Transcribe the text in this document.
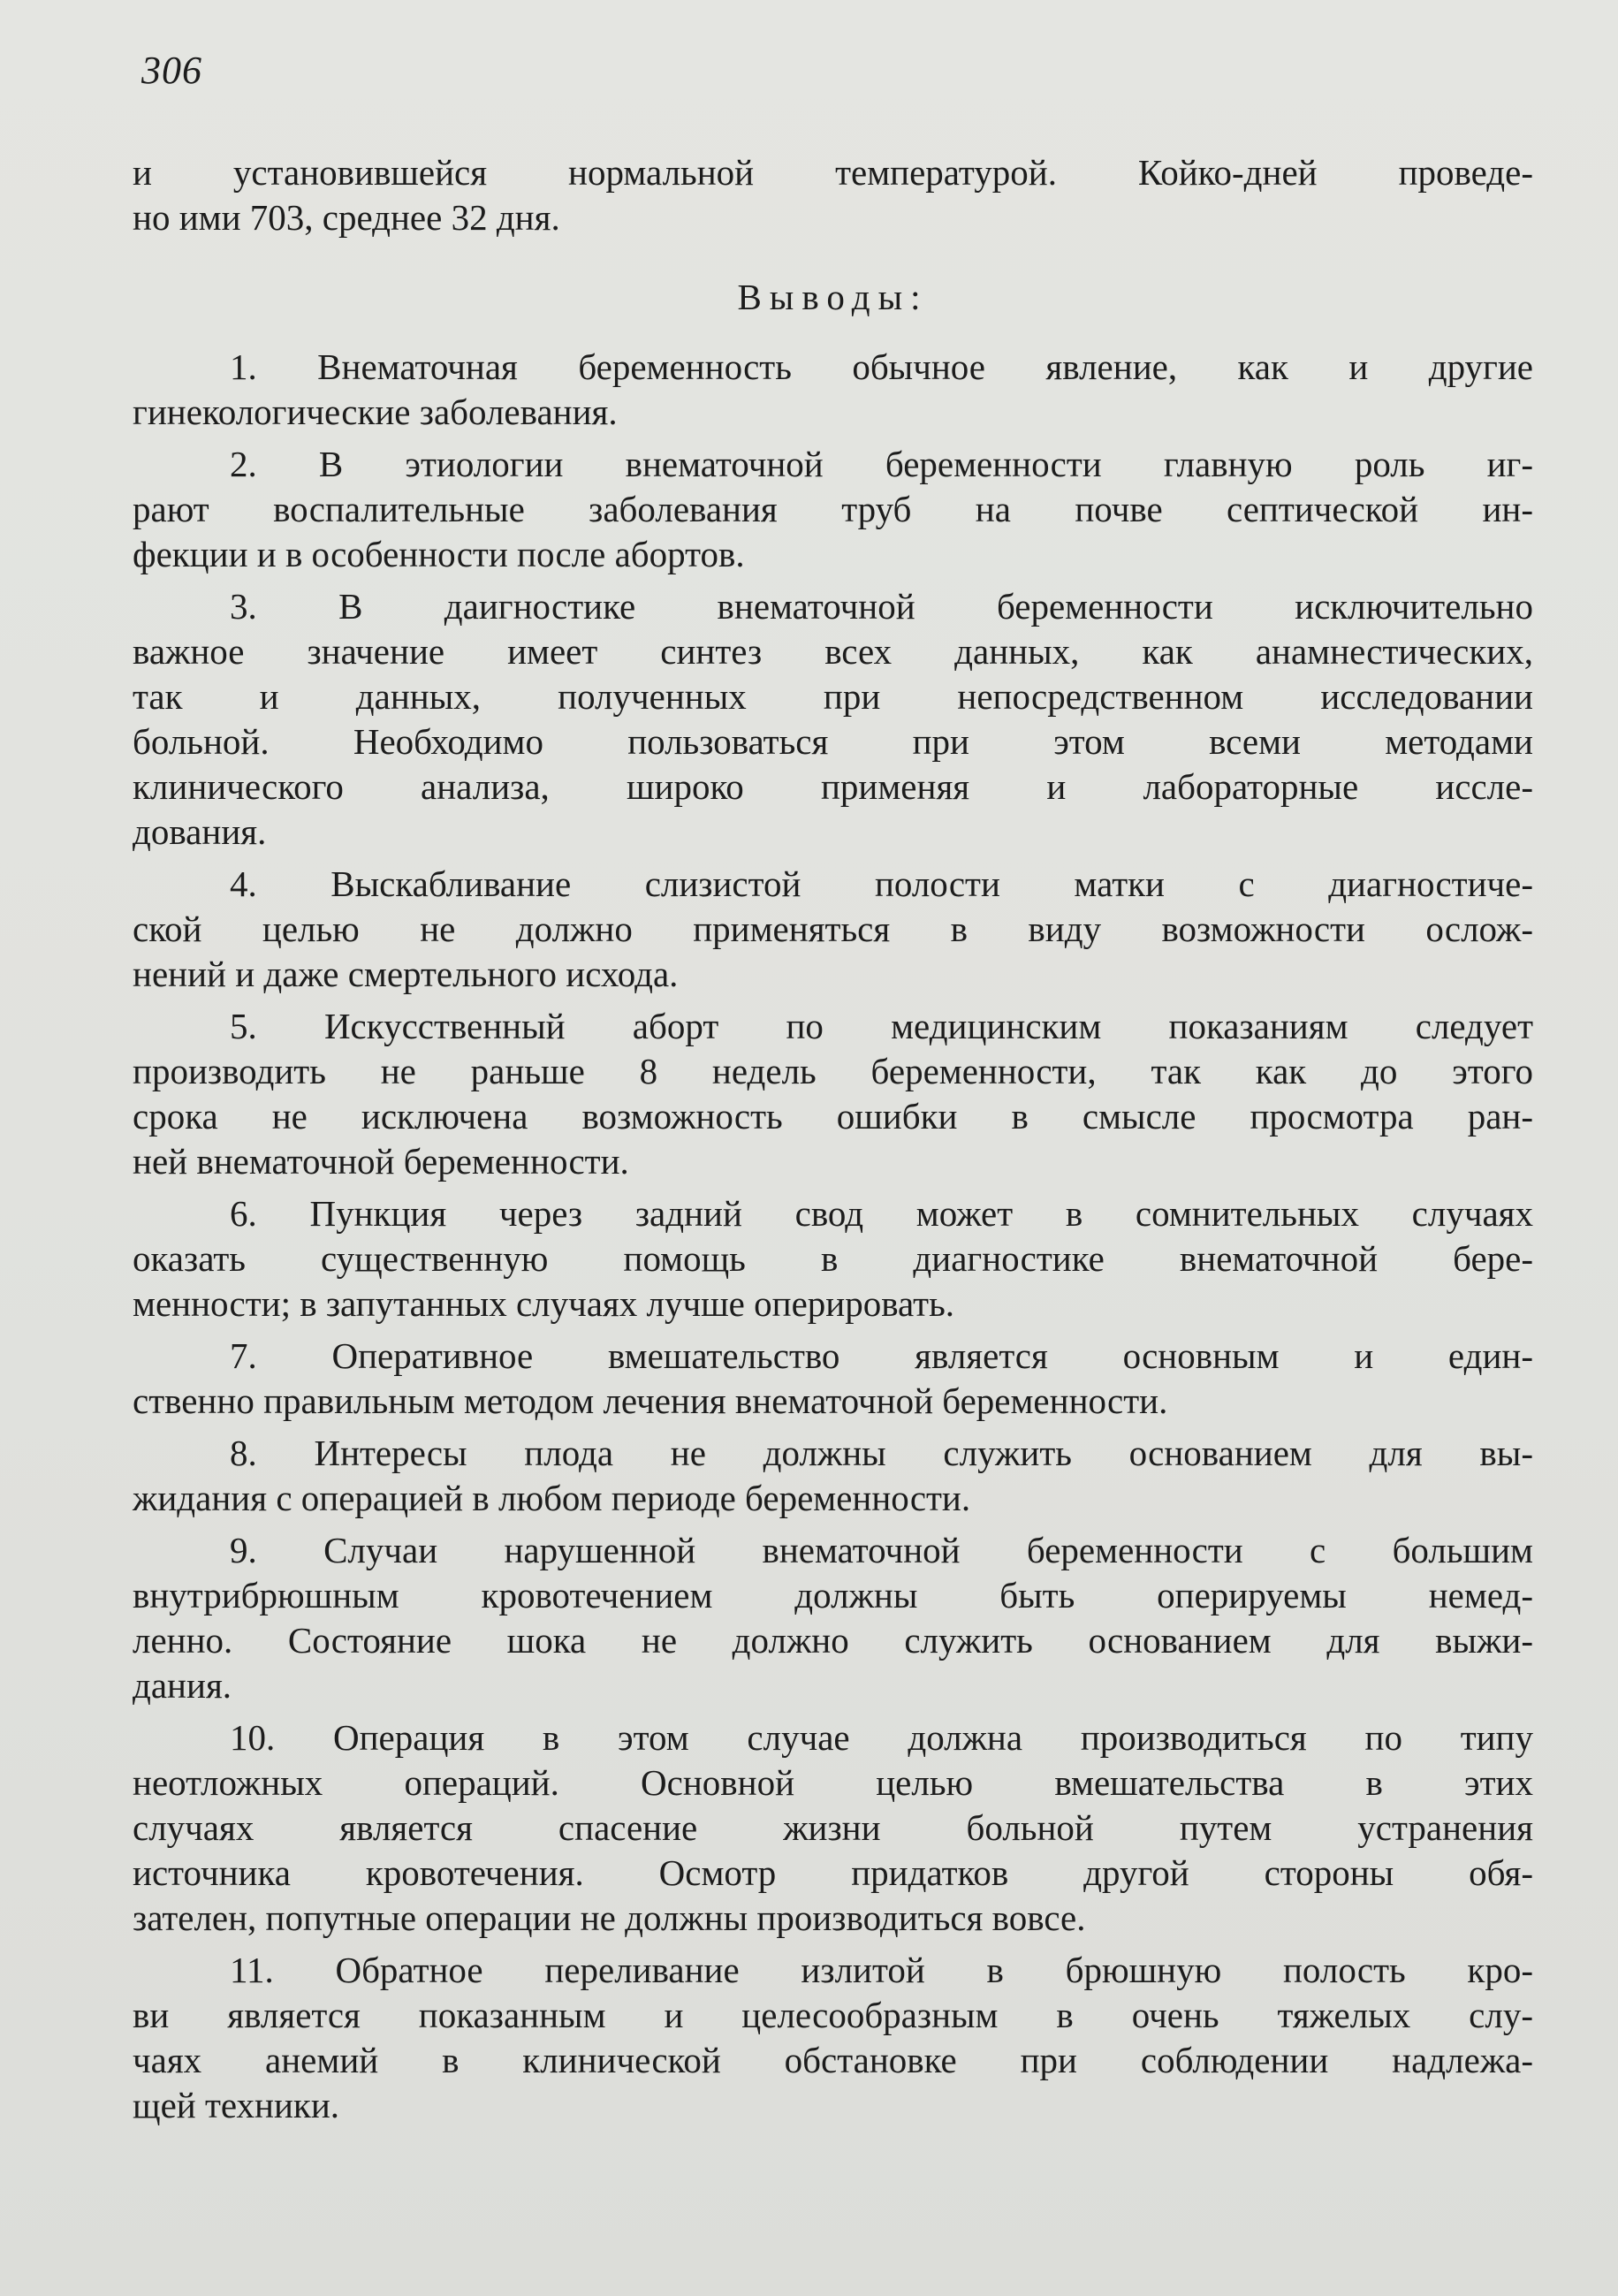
306
и установившейся нормальной температурой. Койко-дней проведе-
но ими 703, среднее 32 дня.
Выводы:
1. Внематочная беременность обычное явление, как и другие
гинекологические заболевания.
2. В этиологии внематочной беременности главную роль иг-
рают воспалительные заболевания труб на почве септической ин-
фекции и в особенности после абортов.
3. В даигностике внематочной беременности исключительно
важное значение имеет синтез всех данных, как анамнестических,
так и данных, полученных при непосредственном исследовании
больной. Необходимо пользоваться при этом всеми методами
клинического анализа, широко применяя и лабораторные иссле-
дования.
4. Выскабливание слизистой полости матки с диагностиче-
ской целью не должно применяться в виду возможности ослож-
нений и даже смертельного исхода.
5. Искусственный аборт по медицинским показаниям следует
производить не раньше 8 недель беременности, так как до этого
срока не исключена возможность ошибки в смысле просмотра ран-
ней внематочной беременности.
6. Пункция через задний свод может в сомнительных случаях
оказать существенную помощь в диагностике внематочной бере-
менности; в запутанных случаях лучше оперировать.
7. Оперативное вмешательство является основным и един-
ственно правильным методом лечения внематочной беременности.
8. Интересы плода не должны служить основанием для вы-
жидания с операцией в любом периоде беременности.
9. Случаи нарушенной внематочной беременности с большим
внутрибрюшным кровотечением должны быть оперируемы немед-
ленно. Состояние шока не должно служить основанием для выжи-
дания.
10. Операция в этом случае должна производиться по типу
неотложных операций. Основной целью вмешательства в этих
случаях является спасение жизни больной путем устранения
источника кровотечения. Осмотр придатков другой стороны обя-
зателен, попутные операции не должны производиться вовсе.
11. Обратное переливание излитой в брюшную полость кро-
ви является показанным и целесообразным в очень тяжелых слу-
чаях анемий в клинической обстановке при соблюдении надлежа-
щей техники.
